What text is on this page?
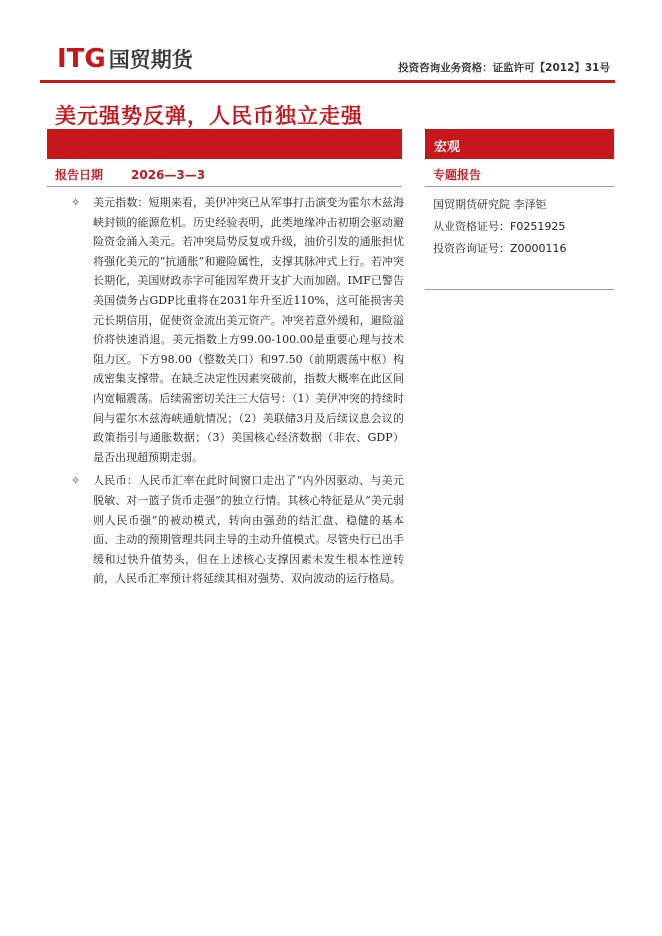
ITG 国贸期货	投资咨询业务资格：证监许可【2012】31号
美元强势反弹，人民币独立走强
宏观
报告日期 2026—3—3	专题报告
国贸期货研究院 李泽钜
从业资格证号：F0251925
投资咨询证号：Z0000116
✧ 美元指数：短期来看，美伊冲突已从军事打击演变为霍尔木兹海峡封锁的能源危机。历史经验表明，此类地缘冲击初期会驱动避险资金涌入美元。若冲突局势反复或升级，油价引发的通胀担忧将强化美元的“抗通胀”和避险属性，支撑其脉冲式上行。若冲突长期化，美国财政赤字可能因军费开支扩大而加剧。IMF已警告美国债务占GDP比重将在2031年升至近110%，这可能损害美元长期信用，促使资金流出美元资产。冲突若意外缓和，避险溢价将快速消退。美元指数上方99.00-100.00是重要心理与技术阻力区。下方98.00（整数关口）和97.50（前期震荡中枢）构成密集支撑带。在缺乏决定性因素突破前，指数大概率在此区间内宽幅震荡。后续需密切关注三大信号：（1）美伊冲突的持续时间与霍尔木兹海峡通航情况；（2）美联储3月及后续议息会议的政策指引与通胀数据；（3）美国核心经济数据（非农、GDP）是否出现超预期走弱。

✧ 人民币：人民币汇率在此时间窗口走出了“内外因驱动、与美元脱敏、对一篮子货币走强”的独立行情。其核心特征是从“美元弱则人民币强”的被动模式，转向由强劲的结汇盘、稳健的基本面、主动的预期管理共同主导的主动升值模式。尽管央行已出手缓和过快升值势头，但在上述核心支撑因素未发生根本性逆转前，人民币汇率预计将延续其相对强势、双向波动的运行格局。
